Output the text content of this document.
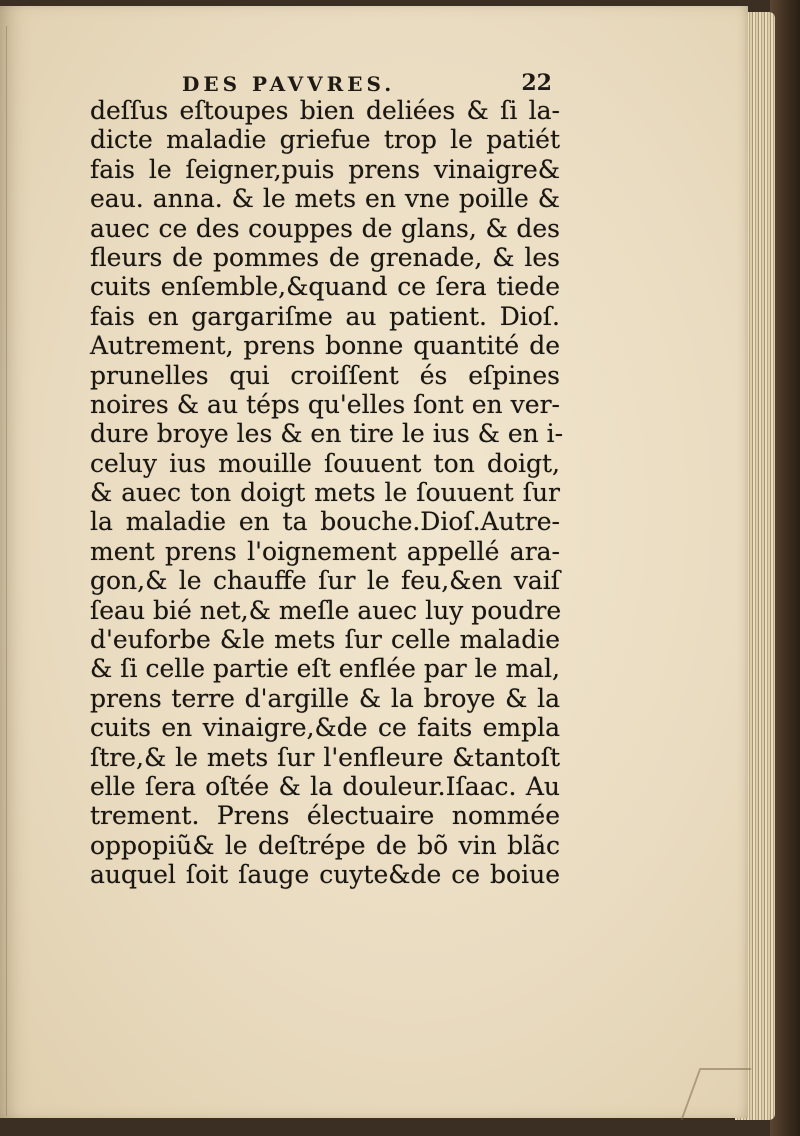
DES PAVVRES.	22
deſſus eſtoupes bien deliées & ſi la-
dicte maladie griefue trop le patiét
fais le ſeigner,puis prens vinaigre&
eau. anna. & le mets en vne poille &
auec ce des couppes de glans, & des
fleurs de pommes de grenade, & les
cuits enſemble,&quand ce ſera tiede
fais en gargariſme au patient. Dioſ.
Autrement, prens bonne quantité de
prunelles qui croiſſent és eſpines
noires & au téps qu'elles ſont en ver-
dure broye les & en tire le ius & en i-
celuy ius mouille ſouuent ton doigt,
& auec ton doigt mets le ſouuent ſur
la maladie en ta bouche.Dioſ.Autre-
ment prens l'oignement appellé ara-
gon,& le chauffe ſur le feu,&en vaiſ
ſeau bié net,& meſle auec luy poudre
d'euforbe &le mets ſur celle maladie
& ſi celle partie eſt enflée par le mal,
prens terre d'argille & la broye & la
cuits en vinaigre,&de ce faits empla
ſtre,& le mets ſur l'enfleure &tantoſt
elle ſera oſtée & la douleur.Iſaac. Au
trement. Prens électuaire nommée
oppopiũ& le deſtrépe de bõ vin blãc
auquel ſoit ſauge cuyte&de ce boiue
